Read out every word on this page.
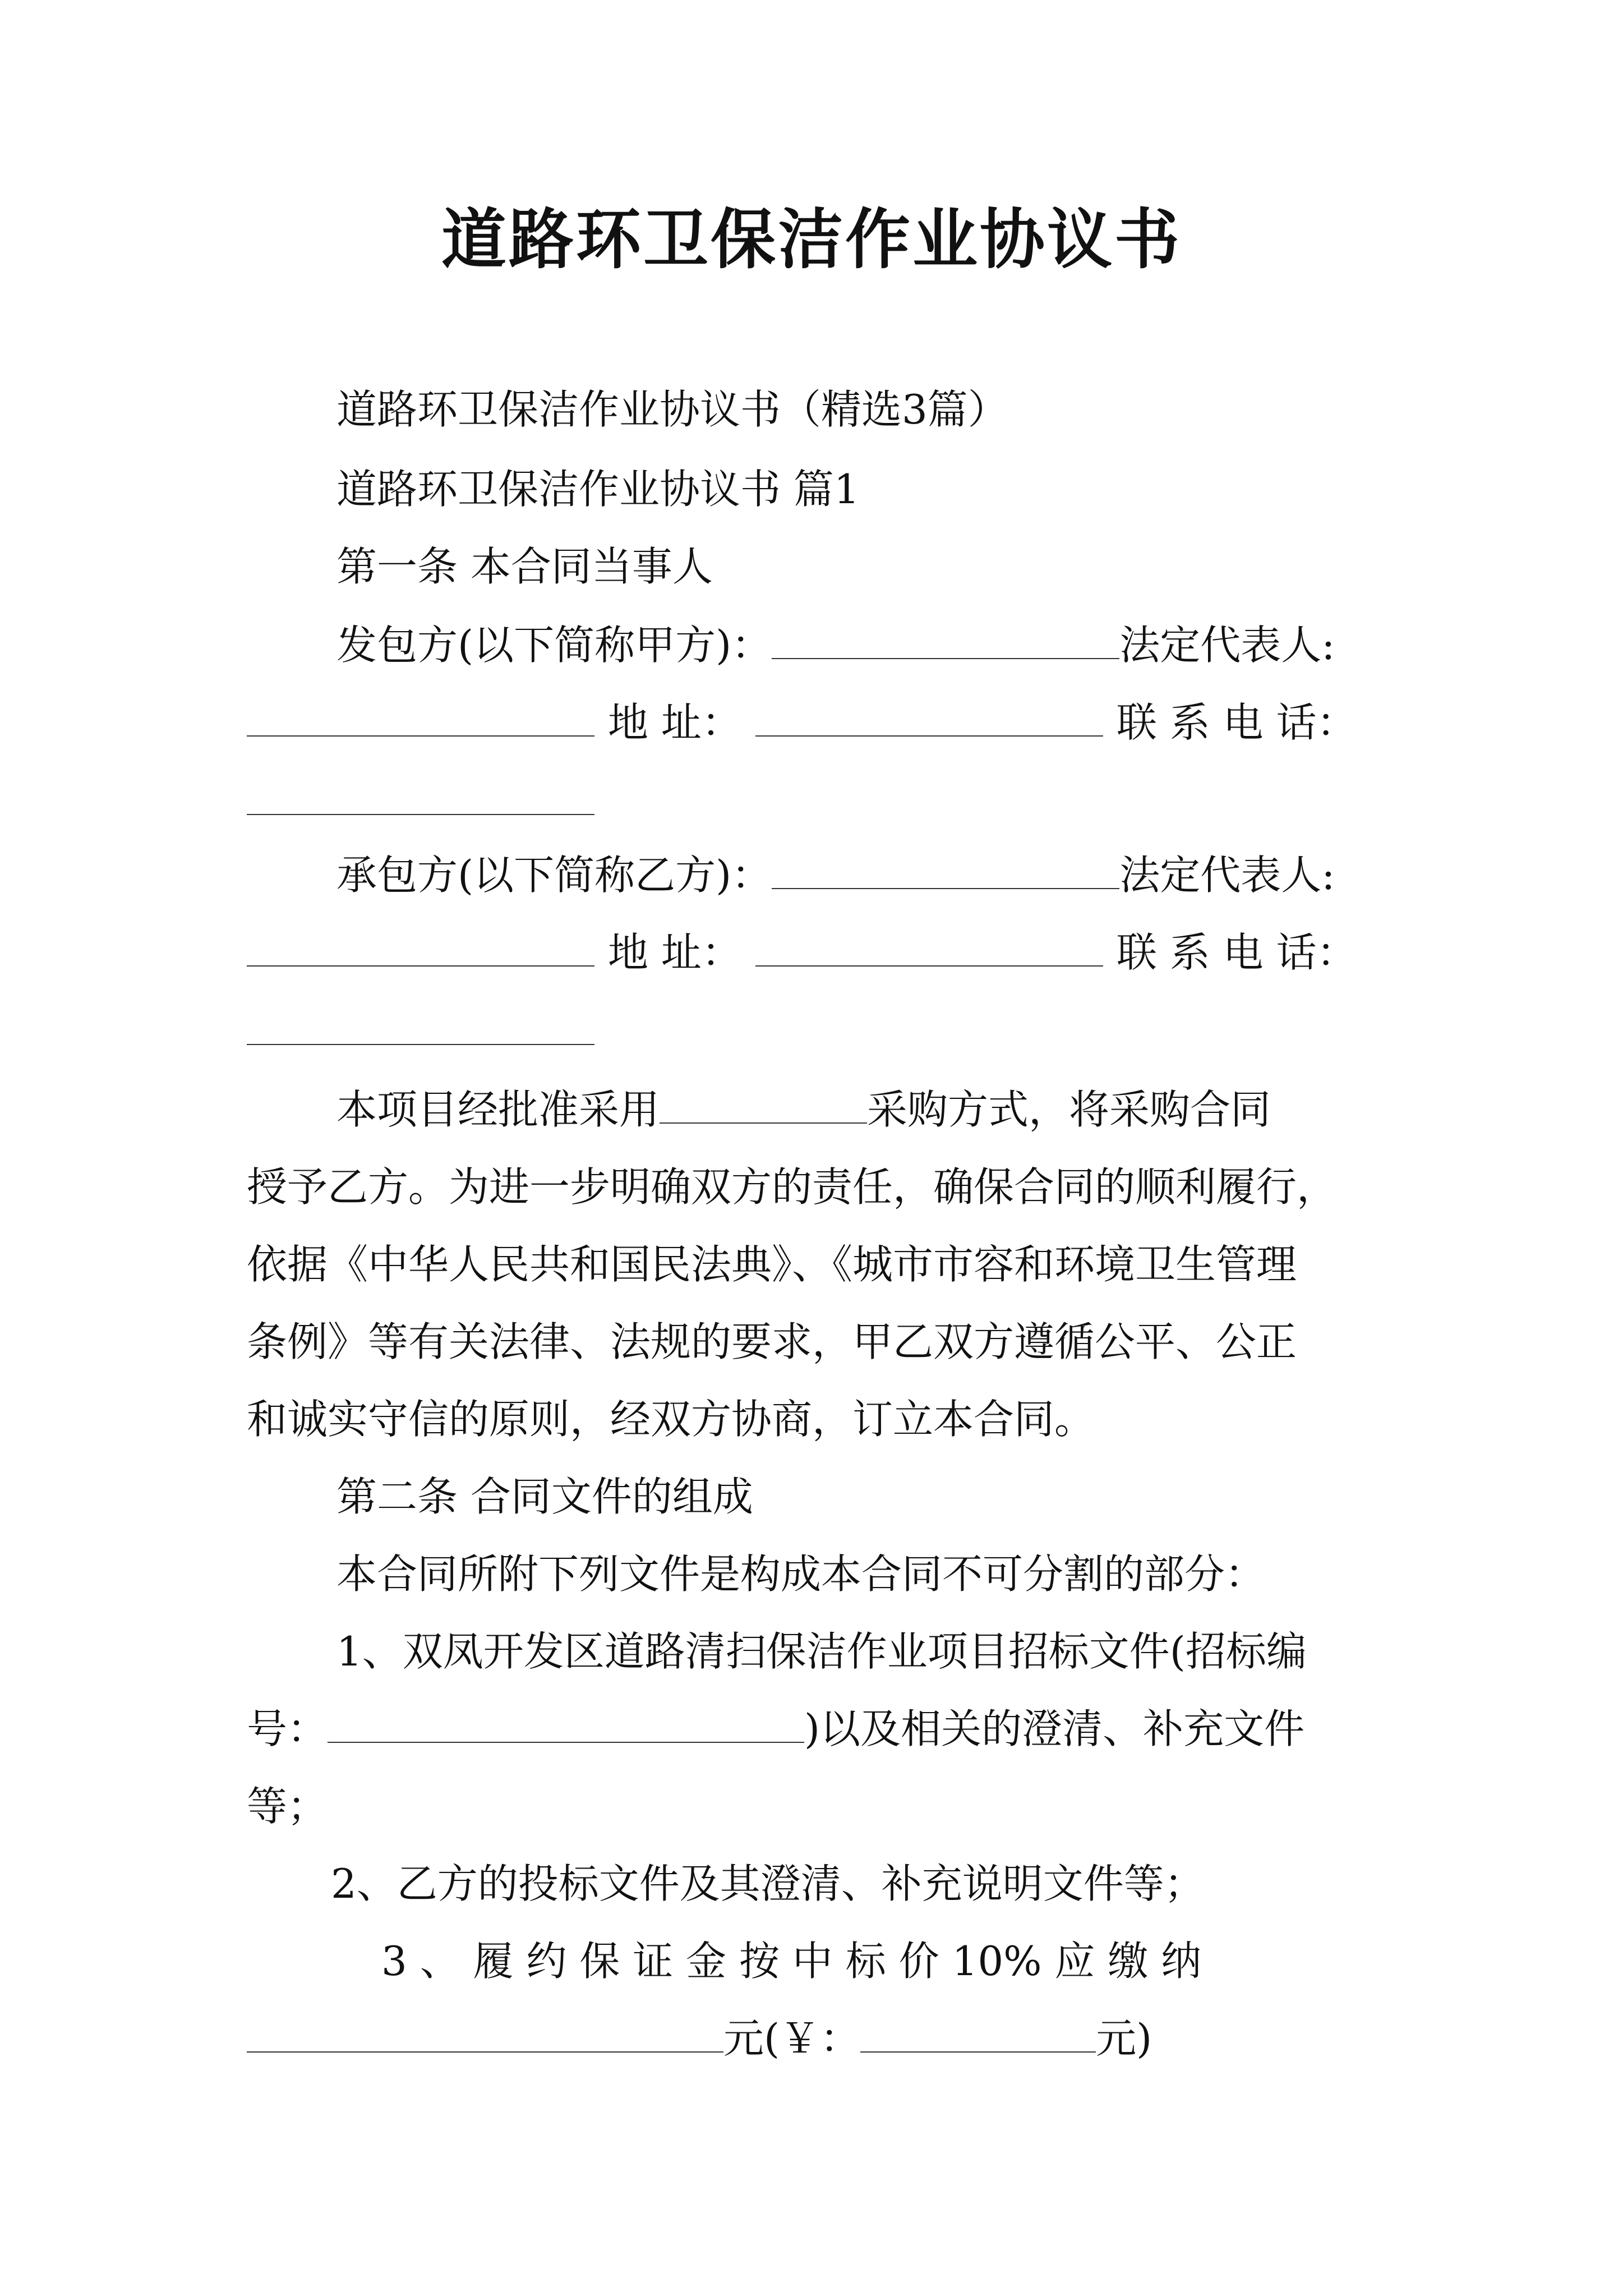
道路环卫保洁作业协议书
道路环卫保洁作业协议书（精选3篇）
道路环卫保洁作业协议书 篇1
第一条 本合同当事人
发包方(以下简称甲方)：	法定代表人:
地 址：	联 系 电 话：
承包方(以下简称乙方)：	法定代表人:
地 址：	联 系 电 话：
本项目经批准采用	采购方式，将采购合同
授予乙方。为进一步明确双方的责任，确保合同的顺利履行，
依据《中华人民共和国民法典》、《城市市容和环境卫生管理
条例》等有关法律、法规的要求，甲乙双方遵循公平、公正
和诚实守信的原则，经双方协商，订立本合同。
第二条 合同文件的组成
本合同所附下列文件是构成本合同不可分割的部分：
1、双凤开发区道路清扫保洁作业项目招标文件(招标编
号：	)以及相关的澄清、补充文件
等；
2、乙方的投标文件及其澄清、补充说明文件等；
3 、 履 约 保 证 金 按 中 标 价 10% 应 缴 纳
元(￥：	元)
